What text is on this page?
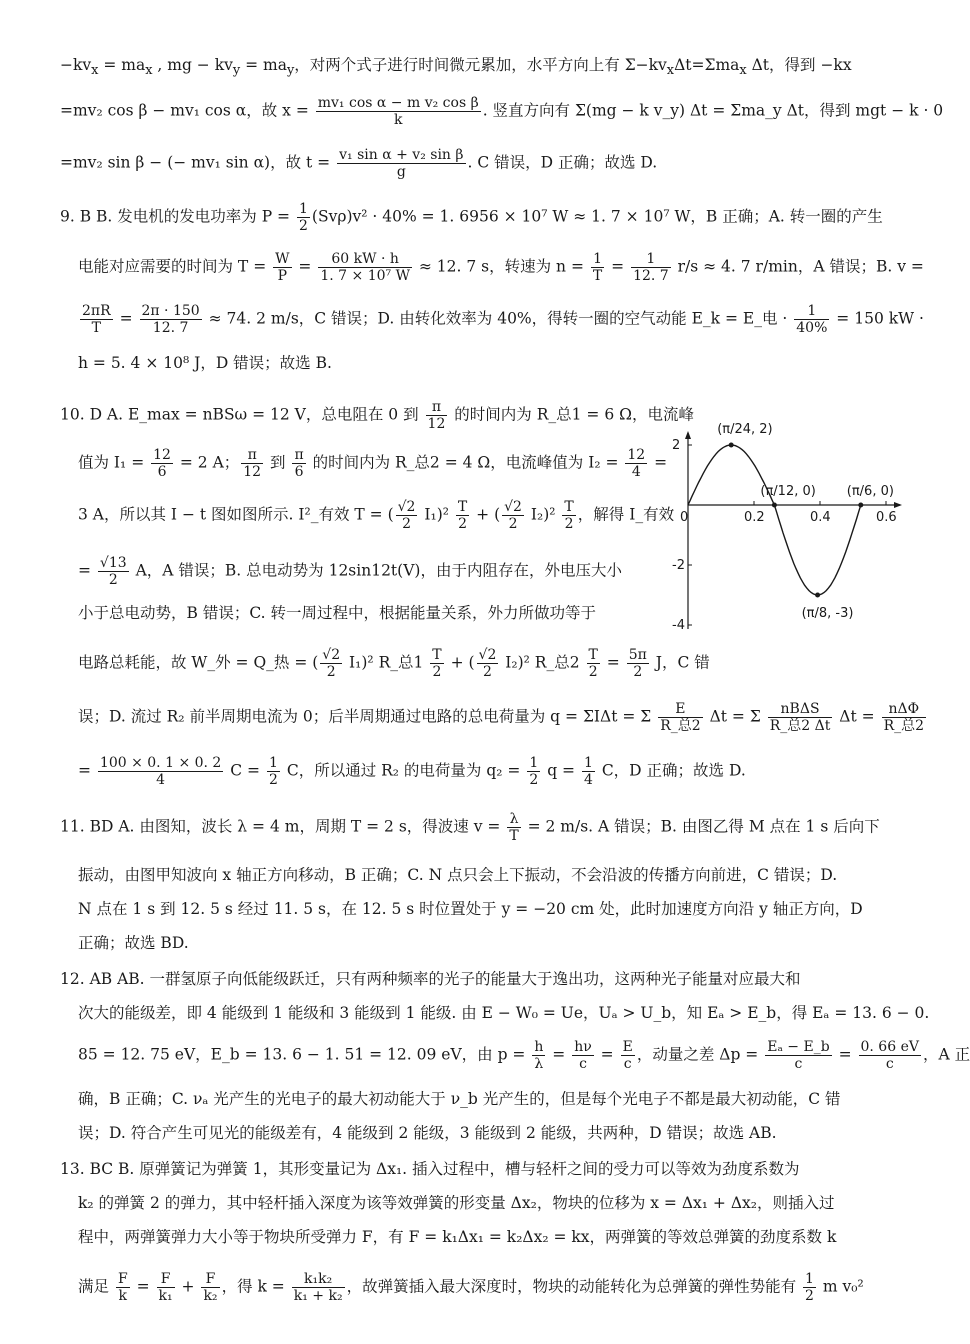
$-kv_x = ma_x$ , mg − $kv_y = ma_y$，对两个式子进行时间微元累加，水平方向上有 $\Sigma-kv_x\Delta t=\Sigma ma_x$ Δt，得到 −kx
=mv₂ cos β − mv₁ cos α，故 $x = \frac{\text{mv₁ cos α − m v₂ cos β}}{k}$ . 竖直方向有 Σ(mg − k v_y) Δt = Σma_y Δt，得到 mgt − k · 0
=mv₂ sin β − (− mv₁ sin α)，故 $t = \frac{\text{v₁ sin α + v₂ sin β}}{g}$ . C 错误，D 正确；故选 D.
9. B B. 发电机的发电功率为 $P = \frac{1}{2} (Sv\rho)v^2 \cdot 40\% = 1$. 6956 × 10⁷ W ≈ 1. 7 × 10⁷ W，B 正确；A. 转一圈的产生
电能对应需要的时间为 $T = \frac{W}{P} = \frac{60 kW \cdot h}{\text{1. 7 × 10⁷ W}} \approx 12$. 7 s，转速为 $n = \frac{1}{T} = \frac{1}{12. 7} r/s \approx 4$. 7 r/min，A 错误；B. v =
$\frac{2\pi R}{T} = \frac{2\pi \cdot 150}{12. 7} \approx 74$. 2 m/s，C 错误；D. 由转化效率为 40%，得转一圈的空气动能 E_k = E_电 · $\frac{1}{40\%} = 150$ kW ·
h = 5. 4 × 10⁸ J，D 错误；故选 B.
10. D A. E_max = nBSω = 12 V，总电阻在 0 到 $\frac{\pi}{12}$ 的时间内为 R_总1 = 6 Ω，电流峰
值为 $I_1 = \frac{12}{6} = 2$ A； $\frac{\pi}{12}$ 到 $\frac{\pi}{6}$ 的时间内为 R_总2 = 4 Ω，电流峰值为 $I_2 = \frac{12}{4}$ =
3 A，所以其 I − t 图如图所示. I²_有效 T = ( $\frac{√2}{2} I_1)^2 \frac{T}{2}$ + ( $\frac{√2}{2} I_2)^2 \frac{T}{2}$ ，解得 I_有效
= $\frac{√13}{2}$ A，A 错误；B. 总电动势为 12sin12t(V)，由于内阻存在，外电压大小
小于总电动势，B 错误；C. 转一周过程中，根据能量关系，外力所做功等于
电路总耗能，故 W_外 = Q_热 = ( $\frac{√2}{2} I_1)^2$ R_总$1 \frac{T}{2}$ + ( $\frac{√2}{2} I_2)^2$ R_总$2 \frac{T}{2} = \frac{5\pi}{2}$ J，C 错
误；D. 流过 R₂ 前半周期电流为 0；后半周期通过电路的总电荷量为 q = ΣIΔt = Σ $\frac{E}{\text{R\_总2}}$ Δt = Σ $\frac{\text{nBΔS}}{\text{R\_总2 Δt}}$ $\Delta t = \frac{\text{nΔΦ}}{\text{R\_总2}}$
= $\frac{100 \times 0. 1 \times 0. 2}{4}$ $C = \frac{1}{2}$ C，所以通过 R₂ 的电荷量为 $q_2 = \frac{1}{2}$ $q = \frac{1}{4}$ C，D 正确；故选 D.
11. BD A. 由图知，波长 λ = 4 m，周期 T = 2 s，得波速 $v = \frac{\lambda}{T} = 2$ m/s. A 错误；B. 由图乙得 M 点在 1 s 后向下
振动，由图甲知波向 x 轴正方向移动，B 正确；C. N 点只会上下振动，不会沿波的传播方向前进，C 错误；D.
N 点在 1 s 到 12. 5 s 经过 11. 5 s，在 12. 5 s 时位置处于 y = −20 cm 处，此时加速度方向沿 y 轴正方向，D
正确；故选 BD.
12. AB AB. 一群氢原子向低能级跃迁，只有两种频率的光子的能量大于逸出功，这两种光子能量对应最大和
次大的能级差，即 4 能级到 1 能级和 3 能级到 1 能级. 由 E − W₀ = Ue，Uₐ > U_b，知 Eₐ > E_b，得 Eₐ = 13. 6 − 0.
85 = 12. 75 eV，E_b = 13. 6 − 1. 51 = 12. 09 eV，由 $p = \frac{h}{\lambda} = \frac{h\nu}{c} = \frac{E}{c}$ ，动量之差 $\Delta p = \frac{\text{Eₐ − E\_b}}{c} = \frac{0. 66 eV}{c}$ ，A 正
确，B 正确；C. νₐ 光产生的光电子的最大初动能大于 ν_b 光产生的，但是每个光电子不都是最大初动能，C 错
误；D. 符合产生可见光的能级差有，4 能级到 2 能级，3 能级到 2 能级，共两种，D 错误；故选 AB.
13. BC B. 原弹簧记为弹簧 1，其形变量记为 Δx₁. 插入过程中，槽与轻杆之间的受力可以等效为劲度系数为
k₂ 的弹簧 2 的弹力，其中轻杆插入深度为该等效弹簧的形变量 Δx₂，物块的位移为 x = Δx₁ + Δx₂，则插入过
程中，两弹簧弹力大小等于物块所受弹力 F，有 F = k₁Δx₁ = k₂Δx₂ = kx，两弹簧的等效总弹簧的劲度系数 k
满足 $\frac{F}{k} = \frac{F}{\text{k₁}} + \frac{F}{\text{k₂}}$ ，得 $k = \frac{\text{k₁k₂}}{\text{k₁ + k₂}}$ ，故弹簧插入最大深度时，物块的动能转化为总弹簧的弹性势能有 $\frac{1}{2}$ m v₀²
0	0.2	0.4	0.6
2
-2
-4
(π/24, 2)
(π/12, 0) (π/6, 0)
(π/8, -3)
